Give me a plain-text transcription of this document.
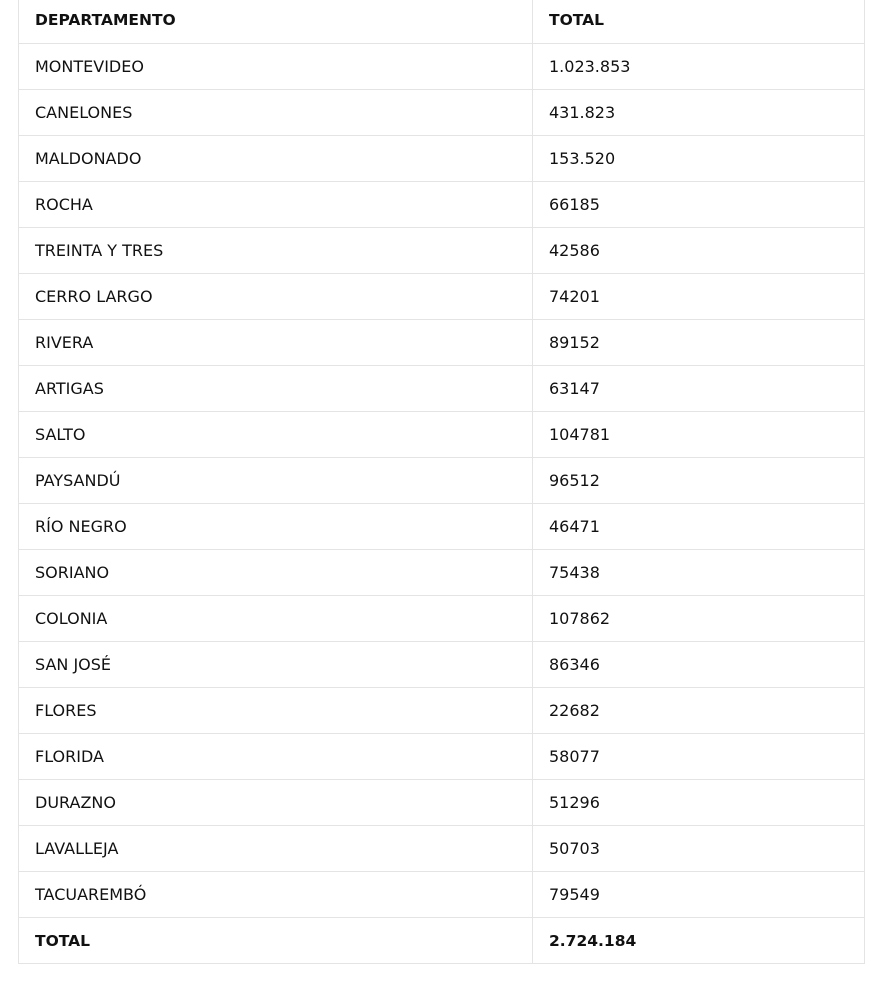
DEPARTAMENTO	TOTAL
MONTEVIDEO	1.023.853
CANELONES	431.823
MALDONADO	153.520
ROCHA	66185
TREINTA Y TRES	42586
CERRO LARGO	74201
RIVERA	89152
ARTIGAS	63147
SALTO	104781
PAYSANDÚ	96512
RÍO NEGRO	46471
SORIANO	75438
COLONIA	107862
SAN JOSÉ	86346
FLORES	22682
FLORIDA	58077
DURAZNO	51296
LAVALLEJA	50703
TACUAREMBÓ	79549
TOTAL	2.724.184
